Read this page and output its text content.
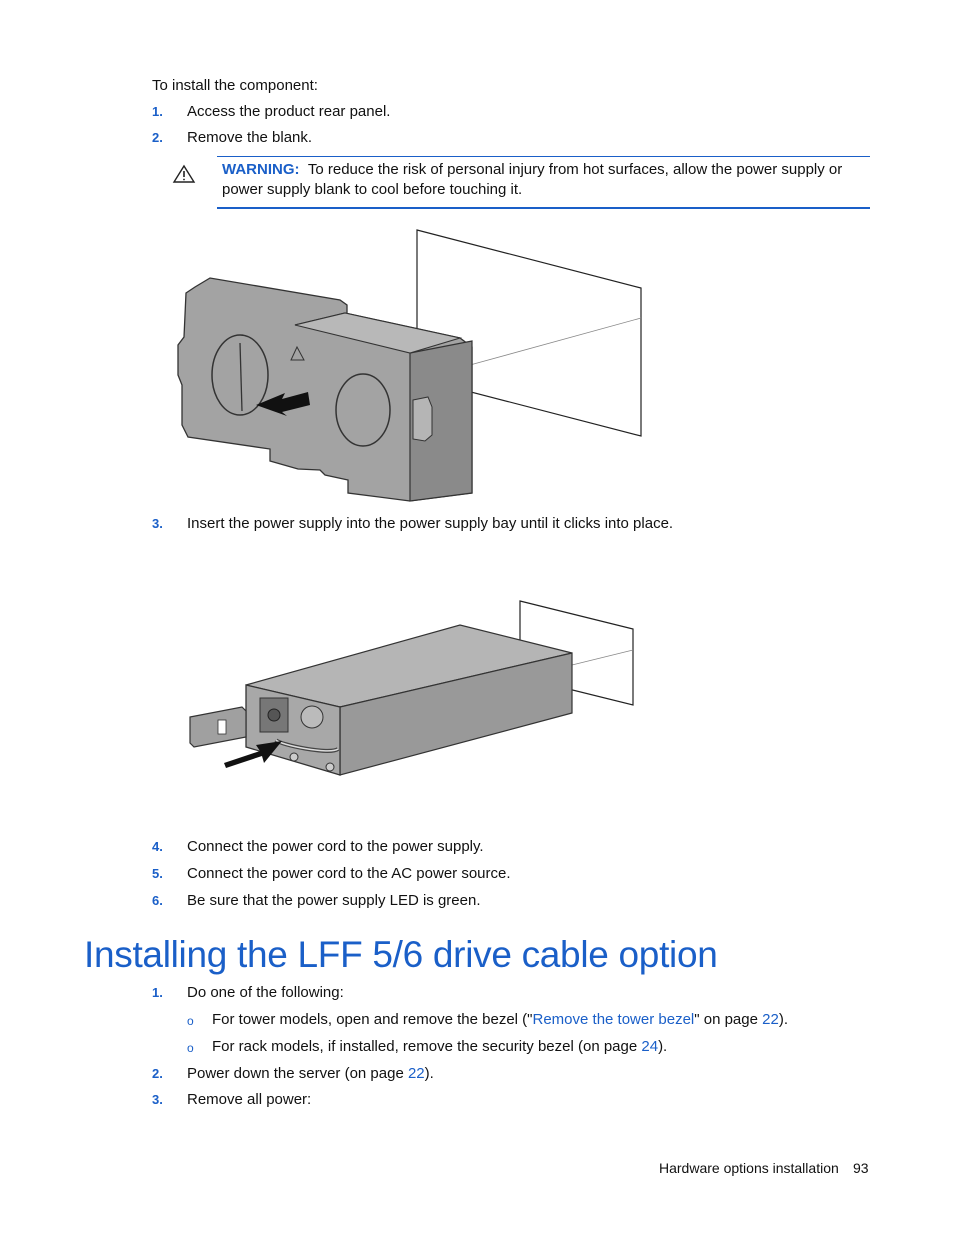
To install the component:
1. Access the product rear panel.
2. Remove the blank.
WARNING: To reduce the risk of personal injury from hot surfaces, allow the power supply or
power supply blank to cool before touching it.
3. Insert the power supply into the power supply bay until it clicks into place.
4. Connect the power cord to the power supply.
5. Connect the power cord to the AC power source.
6. Be sure that the power supply LED is green.
Installing the LFF 5/6 drive cable option
1. Do one of the following:
o For tower models, open and remove the bezel ("Remove the tower bezel" on page 22).
o For rack models, if installed, remove the security bezel (on page 24).
2. Power down the server (on page 22).
3. Remove all power:
Hardware options installation 93
